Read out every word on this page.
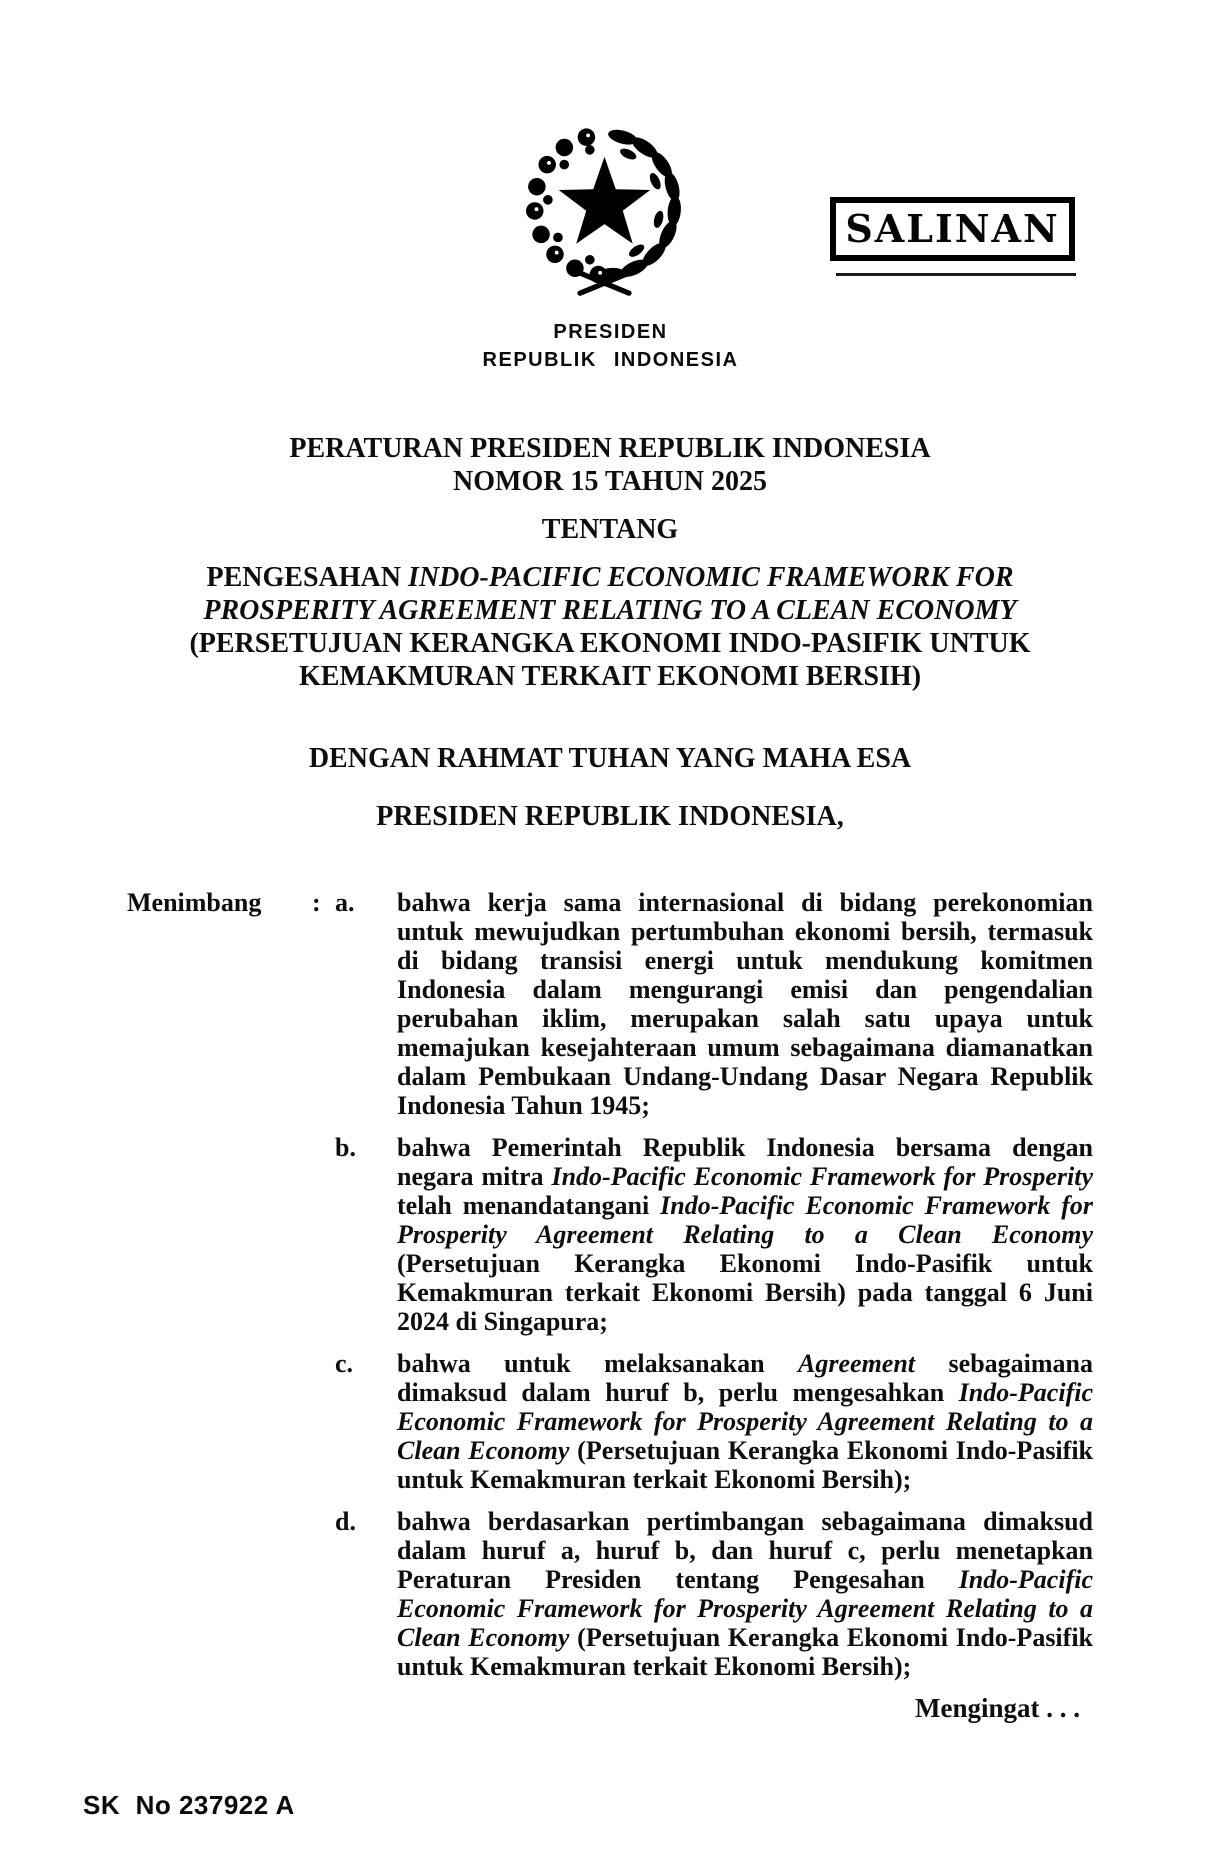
SALINAN
PRESIDEN
REPUBLIK INDONESIA
PERATURAN PRESIDEN REPUBLIK INDONESIA
NOMOR 15 TAHUN 2025
TENTANG
PENGESAHAN INDO-PACIFIC ECONOMIC FRAMEWORK FOR PROSPERITY AGREEMENT RELATING TO A CLEAN ECONOMY (PERSETUJUAN KERANGKA EKONOMI INDO-PASIFIK UNTUK KEMAKMURAN TERKAIT EKONOMI BERSIH)
DENGAN RAHMAT TUHAN YANG MAHA ESA
PRESIDEN REPUBLIK INDONESIA,
Menimbang	: a.	bahwa kerja sama internasional di bidang perekonomian untuk mewujudkan pertumbuhan ekonomi bersih, termasuk di bidang transisi energi untuk mendukung komitmen Indonesia dalam mengurangi emisi dan pengendalian perubahan iklim, merupakan salah satu upaya untuk memajukan kesejahteraan umum sebagaimana diamanatkan dalam Pembukaan Undang-Undang Dasar Negara Republik Indonesia Tahun 1945;
b.	bahwa Pemerintah Republik Indonesia bersama dengan negara mitra Indo-Pacific Economic Framework for Prosperity telah menandatangani Indo-Pacific Economic Framework for Prosperity Agreement Relating to a Clean Economy (Persetujuan Kerangka Ekonomi Indo-Pasifik untuk Kemakmuran terkait Ekonomi Bersih) pada tanggal 6 Juni 2024 di Singapura;
c.	bahwa untuk melaksanakan Agreement sebagaimana dimaksud dalam huruf b, perlu mengesahkan Indo-Pacific Economic Framework for Prosperity Agreement Relating to a Clean Economy (Persetujuan Kerangka Ekonomi Indo-Pasifik untuk Kemakmuran terkait Ekonomi Bersih);
d.	bahwa berdasarkan pertimbangan sebagaimana dimaksud dalam huruf a, huruf b, dan huruf c, perlu menetapkan Peraturan Presiden tentang Pengesahan Indo-Pacific Economic Framework for Prosperity Agreement Relating to a Clean Economy (Persetujuan Kerangka Ekonomi Indo-Pasifik untuk Kemakmuran terkait Ekonomi Bersih);
Mengingat . . .
SK  No 237922 A
